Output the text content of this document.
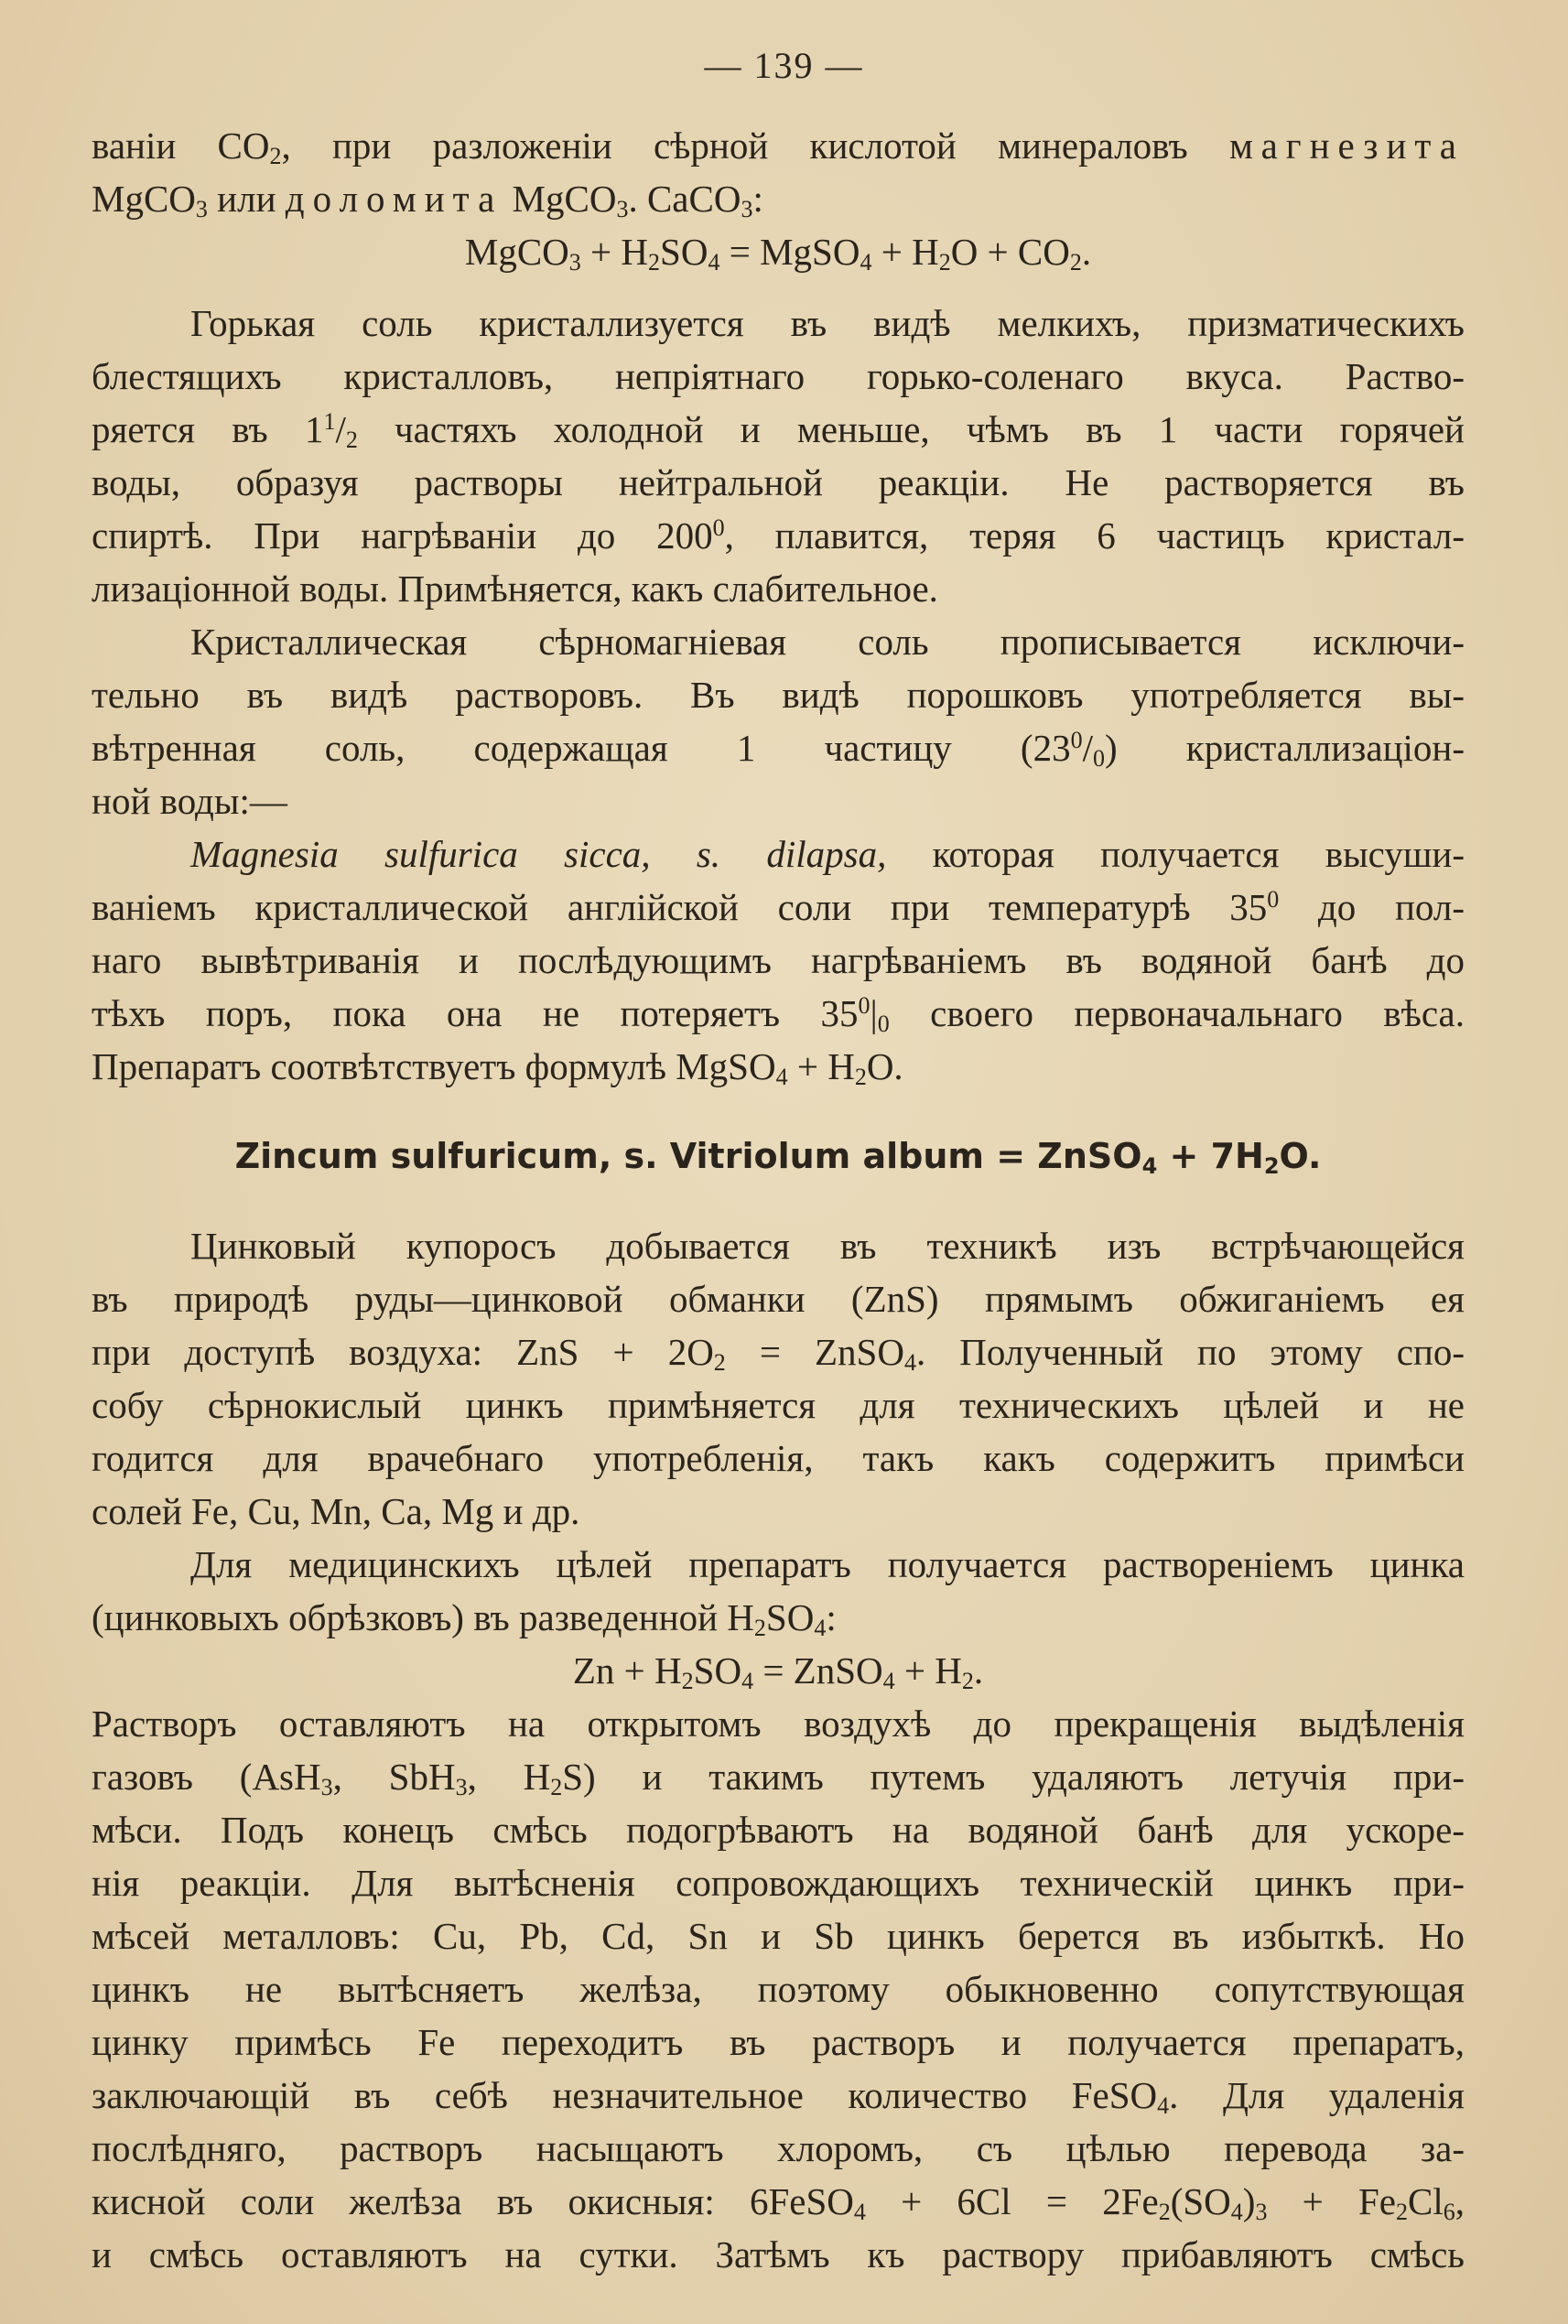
— 139 —
ваніи $CO_2$, при разложеніи сѣрной кислотой минераловъ магнезита
MgCO$_3$ или доломита MgCO$_3$. CaCO$_3$:
MgCO$_3$ + $H_2SO_4$ = MgSO$_4$ + $H_2O + CO_2$.
Горькая соль кристаллизуется въ видѣ мелкихъ, призматическихъ
блестящихъ кристалловъ, непріятнаго горько-соленаго вкуса. Раство-
ряется въ $1^1/_2$ частяхъ холодной и меньше, чѣмъ въ 1 части горячей
воды, образуя растворы нейтральной реакціи. Не растворяется въ
спиртѣ. При нагрѣваніи до $200^0$, плавится, теряя 6 частицъ кристал-
лизаціонной воды. Примѣняется, какъ слабительное.
Кристаллическая сѣрномагніевая соль прописывается исключи-
тельно въ видѣ растворовъ. Въ видѣ порошковъ употребляется вы-
вѣтренная соль, содержащая 1 частицу $(23^0/_0)$ кристаллизаціон-
ной воды:—
Magnesia sulfurica sicca, s. dilapsa, которая получается высуши-
ваніемъ кристаллической англійской соли при температурѣ $35^0$ до пол-
наго вывѣтриванія и послѣдующимъ нагрѣваніемъ въ водяной банѣ до
тѣхъ поръ, пока она не потеряетъ $35^0|_0$ своего первоначальнаго вѣса.
Препаратъ соотвѣтствуетъ формулѣ MgSO$_4$ + $H_2O$.
Zincum sulfuricum, s. Vitriolum album = ZnSO$_4$ + $7H_2O$.
Цинковый купоросъ добывается въ техникѣ изъ встрѣчающейся
въ природѣ руды—цинковой обманки (ZnS) прямымъ обжиганіемъ ея
при доступѣ воздуха: ZnS + $2O_2$ = ZnSO$_4$. Полученный по этому спо-
собу сѣрнокислый цинкъ примѣняется для техническихъ цѣлей и не
годится для врачебнаго употребленія, такъ какъ содержитъ примѣси
солей Fe, Cu, Mn, Ca, Mg и др.
Для медицинскихъ цѣлей препаратъ получается раствореніемъ цинка
(цинковыхъ обрѣзковъ) въ разведенной $H_2SO_4$:
$Zn + H_2SO_4$ = ZnSO$_4$ + $H_2$.
Растворъ оставляютъ на открытомъ воздухѣ до прекращенія выдѣленія
газовъ (AsH$_3$, SbH$_3$, $H_2S$) и такимъ путемъ удаляютъ летучія при-
мѣси. Подъ конецъ смѣсь подогрѣваютъ на водяной банѣ для ускоре-
нія реакціи. Для вытѣсненія сопровождающихъ техническій цинкъ при-
мѣсей металловъ: Cu, Pb, Cd, Sn и Sb цинкъ берется въ избыткѣ. Но
цинкъ не вытѣсняетъ желѣза, поэтому обыкновенно сопутствующая
цинку примѣсь Fe переходитъ въ растворъ и получается препаратъ,
заключающій въ себѣ незначительное количество FeSO$_4$. Для удаленія
послѣдняго, растворъ насыщаютъ хлоромъ, съ цѣлью перевода за-
кисной соли желѣза въ окисныя: 6FeSO$_4$ + $6Cl = 2Fe_2(SO_4)_3 + Fe_2Cl_6$,
и смѣсь оставляютъ на сутки. Затѣмъ къ раствору прибавляютъ смѣсь
